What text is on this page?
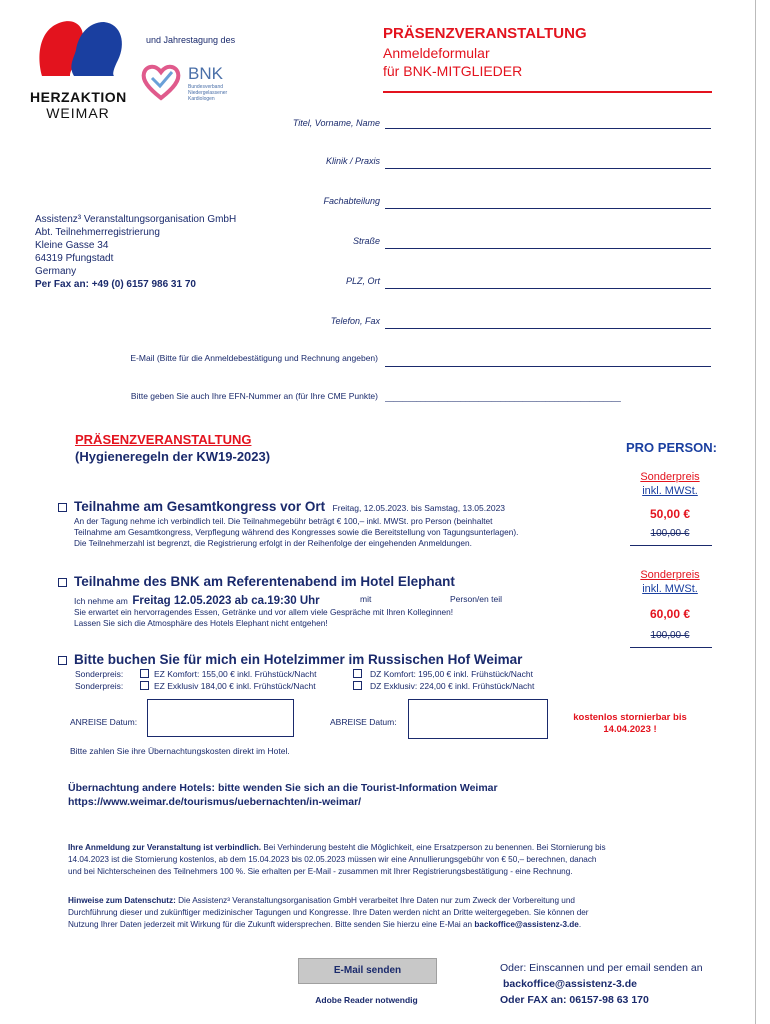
HERZAKTION
WEIMAR
und Jahrestagung des
BNK
Bundesverband Niedergelassener Kardiologen
PRÄSENZVERANSTALTUNG
Anmeldeformular
für BNK-MITGLIEDER
Titel, Vorname, Name
Klinik / Praxis
Fachabteilung
Straße
PLZ, Ort
Telefon, Fax
E-Mail (Bitte für die Anmeldebestätigung und Rechnung angeben)
Bitte geben Sie auch Ihre EFN-Nummer an (für Ihre CME Punkte) _____________________________________________________
Assistenz³ Veranstaltungsorganisation GmbH
Abt. Teilnehmerregistrierung
Kleine Gasse 34
64319 Pfungstadt
Germany
Per Fax an: +49 (0) 6157 986 31 70
PRÄSENZVERANSTALTUNG
(Hygieneregeln der KW19-2023)
PRO PERSON:
Teilnahme am Gesamtkongress vor Ort Freitag, 12.05.2023. bis Samstag, 13.05.2023
An der Tagung nehme ich verbindlich teil. Die Teilnahmegebühr beträgt € 100,– inkl. MWSt. pro Person (beinhaltet
Teilnahme am Gesamtkongress, Verpflegung während des Kongresses sowie die Bereitstellung von Tagungsunterlagen).
Die Teilnehmerzahl ist begrenzt, die Registrierung erfolgt in der Reihenfolge der eingehenden Anmeldungen.
Sonderpreis
inkl. MWSt.
50,00 €
100,00 €
Teilnahme des BNK am Referentenabend im Hotel Elephant
Ich nehme am Freitag 12.05.2023 ab ca.19:30 Uhr	mit	Person/en teil
Sie erwartet ein hervorragendes Essen, Getränke und vor allem viele Gespräche mit Ihren Kolleginnen!
Lassen Sie sich die Atmosphäre des Hotels Elephant nicht entgehen!
Sonderpreis
inkl. MWSt.
60,00 €
100,00 €
Bitte buchen Sie für mich ein Hotelzimmer im Russischen Hof Weimar
Sonderpreis:	EZ Komfort: 155,00 € inkl. Frühstück/Nacht	DZ Komfort: 195,00 € inkl. Frühstück/Nacht
Sonderpreis:	EZ Exklusiv 184,00 € inkl. Frühstück/Nacht	DZ Exklusiv: 224,00 € inkl. Frühstück/Nacht
ANREISE Datum:	ABREISE Datum:	kostenlos stornierbar bis
14.04.2023 !
Bitte zahlen Sie ihre Übernachtungskosten direkt im Hotel.
Übernachtung andere Hotels: bitte wenden Sie sich an die Tourist-Information Weimar
https://www.weimar.de/tourismus/uebernachten/in-weimar/
Ihre Anmeldung zur Veranstaltung ist verbindlich. Bei Verhinderung besteht die Möglichkeit, eine Ersatzperson zu benennen. Bei Stornierung bis
14.04.2023 ist die Stornierung kostenlos, ab dem 15.04.2023 bis 02.05.2023 müssen wir eine Annullierungsgebühr von € 50,– berechnen, danach
und bei Nichterscheinen des Teilnehmers 100 %. Sie erhalten per E-Mail - zusammen mit Ihrer Registrierungsbestätigung - eine Rechnung.
Hinweise zum Datenschutz: Die Assistenz³ Veranstaltungsorganisation GmbH verarbeitet Ihre Daten nur zum Zweck der Vorbereitung und
Durchführung dieser und zukünftiger medizinischer Tagungen und Kongresse. Ihre Daten werden nicht an Dritte weitergegeben. Sie können der
Nutzung Ihrer Daten jederzeit mit Wirkung für die Zukunft widersprechen. Bitte senden Sie hierzu eine E-Mai an backoffice@assistenz-3.de.
E-Mail senden
Adobe Reader notwendig
Oder: Einscannen und per email senden an
backoffice@assistenz-3.de
Oder FAX an: 06157-98 63 170
